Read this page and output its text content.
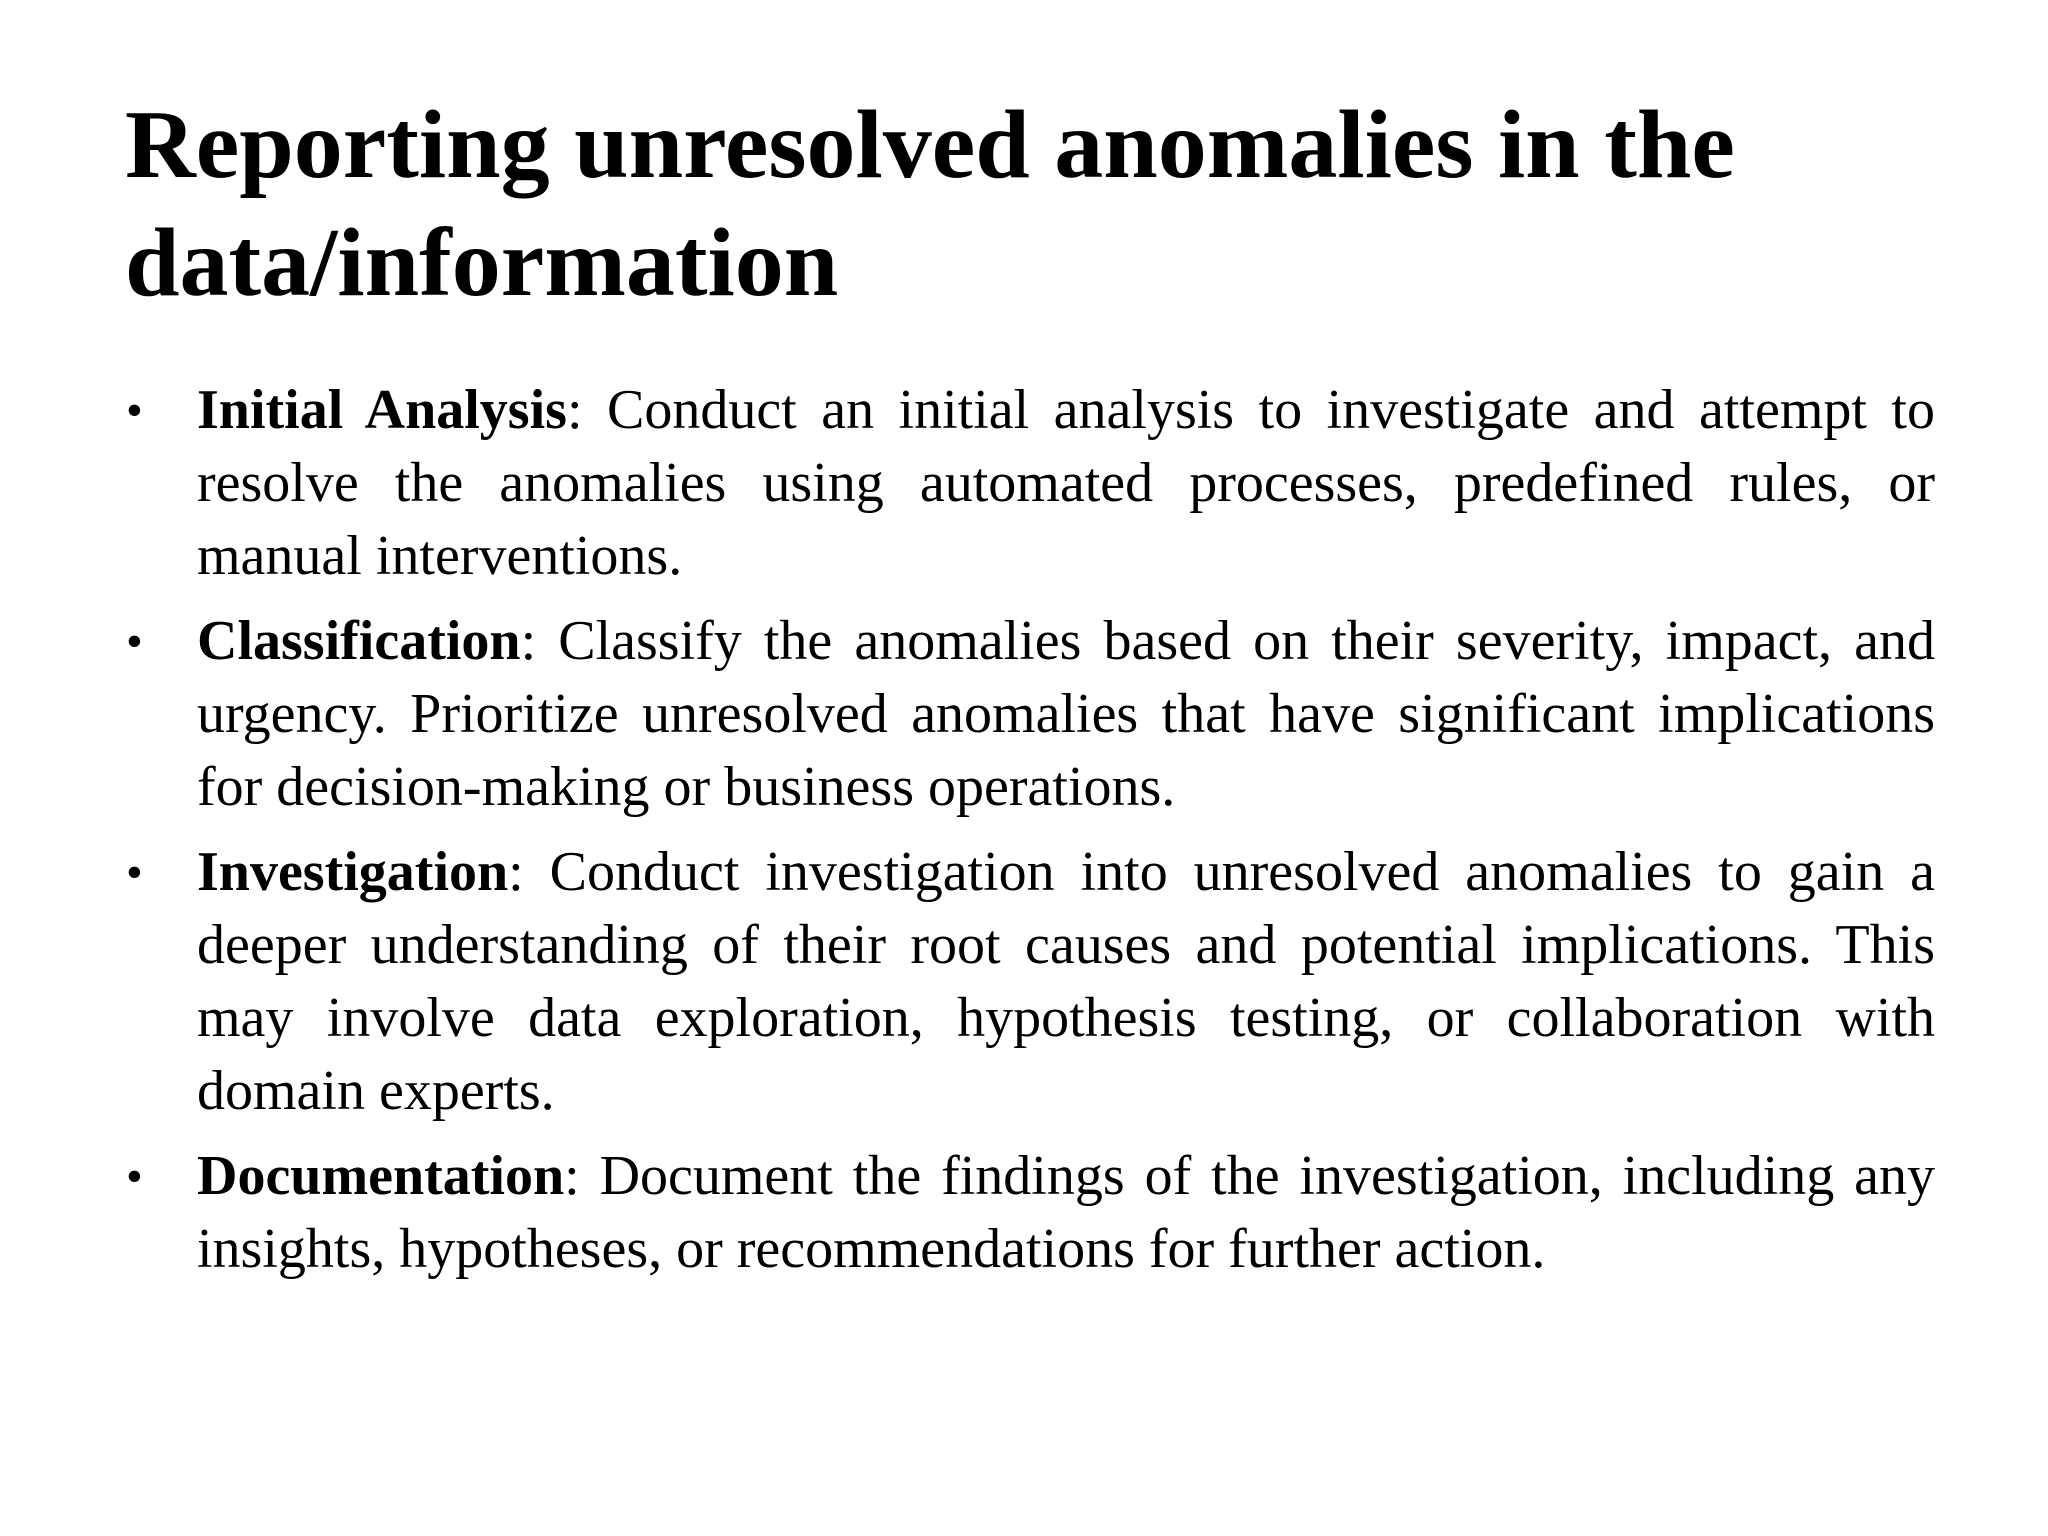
Reporting unresolved anomalies in the data/information
• Initial Analysis: Conduct an initial analysis to investigate and attempt to resolve the anomalies using automated processes, predefined rules, or manual interventions.
• Classification: Classify the anomalies based on their severity, impact, and urgency. Prioritize unresolved anomalies that have significant implications for decision-making or business operations.
• Investigation: Conduct investigation into unresolved anomalies to gain a deeper understanding of their root causes and potential implications. This may involve data exploration, hypothesis testing, or collaboration with domain experts.
• Documentation: Document the findings of the investigation, including any insights, hypotheses, or recommendations for further action.
